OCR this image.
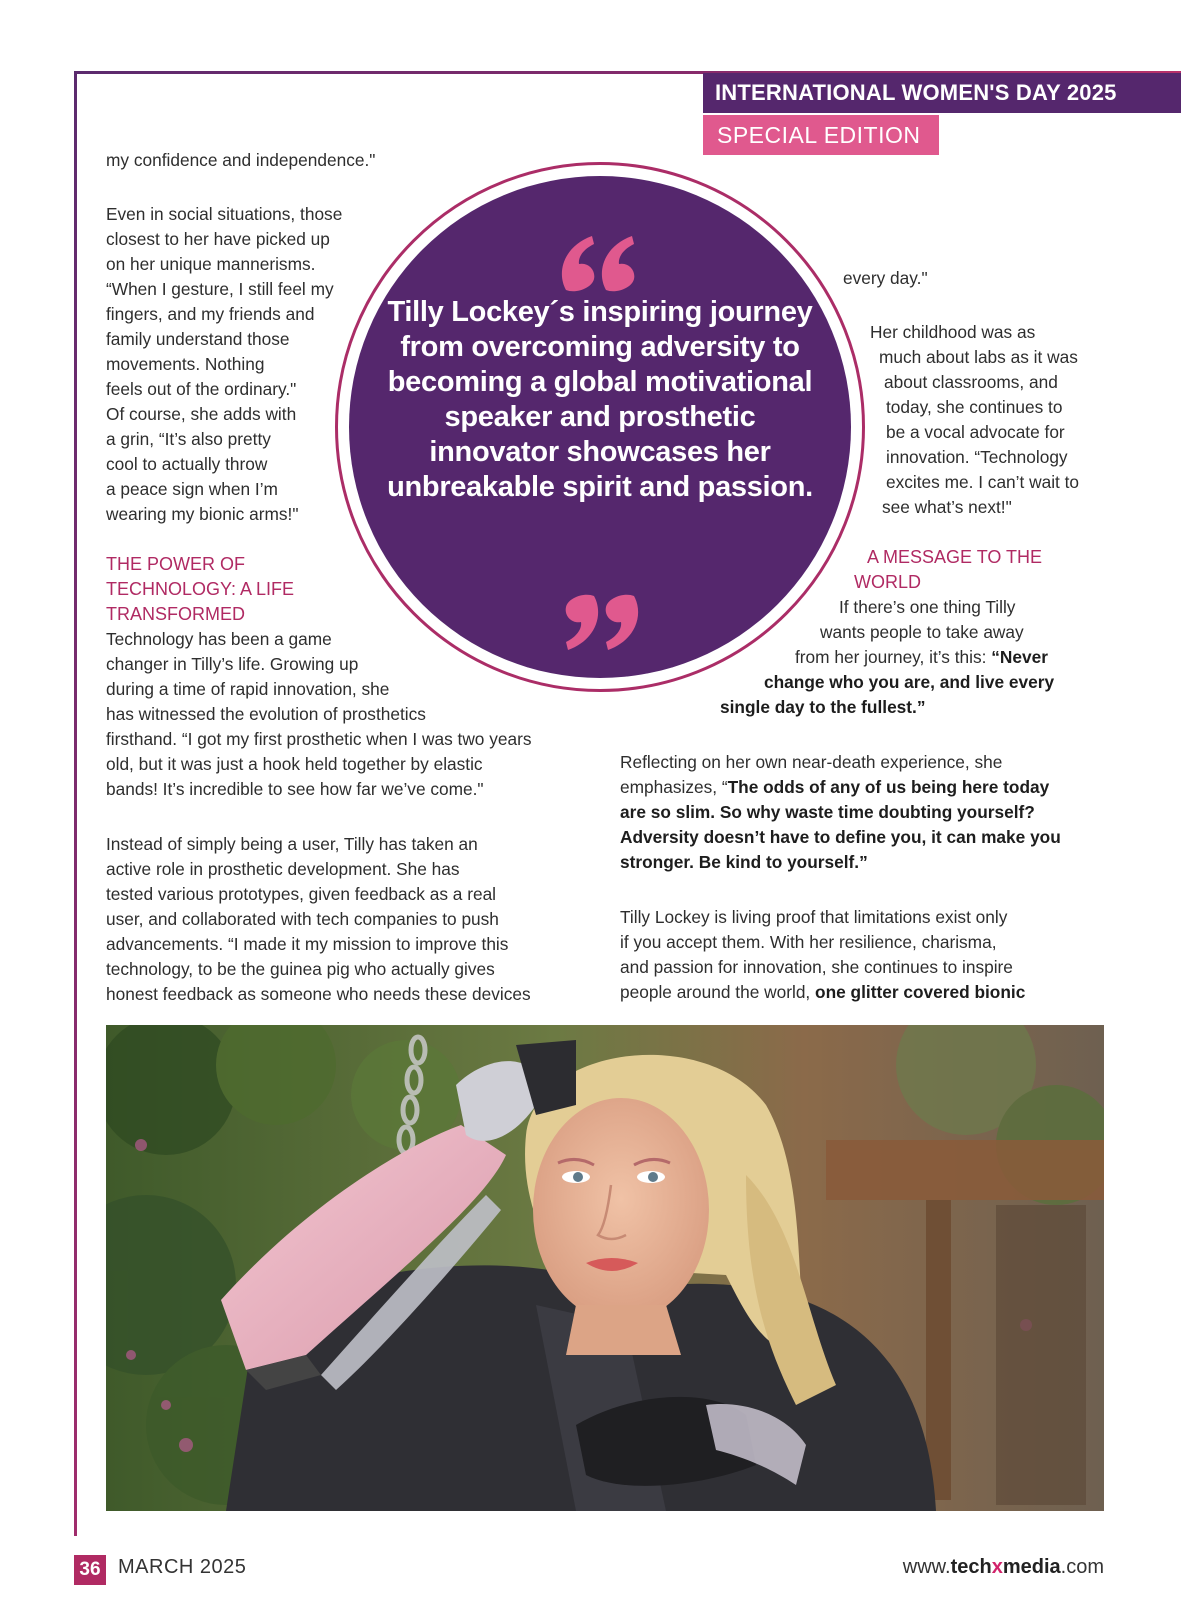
INTERNATIONAL WOMEN'S DAY 2025
SPECIAL EDITION
my confidence and independence."
Even in social situations, those
closest to her have picked up
on her unique mannerisms.
“When I gesture, I still feel my
fingers, and my friends and
family understand those
movements. Nothing
feels out of the ordinary."
Of course, she adds with
a grin, “It’s also pretty
cool to actually throw
a peace sign when I’m
wearing my bionic arms!"
THE POWER OF
TECHNOLOGY: A LIFE
TRANSFORMED
Technology has been a game
changer in Tilly’s life. Growing up
during a time of rapid innovation, she
has witnessed the evolution of prosthetics
firsthand. “I got my first prosthetic when I was two years
old, but it was just a hook held together by elastic
bands! It’s incredible to see how far we’ve come."
Instead of simply being a user, Tilly has taken an
active role in prosthetic development. She has
tested various prototypes, given feedback as a real
user, and collaborated with tech companies to push
advancements. “I made it my mission to improve this
technology, to be the guinea pig who actually gives
honest feedback as someone who needs these devices
Tilly Lockey´s inspiring journey from overcoming adversity to becoming a global motivational speaker and prosthetic innovator showcases her unbreakable spirit and passion.
every day."
Her childhood was as
much about labs as it was
about classrooms, and
today, she continues to
be a vocal advocate for
innovation. “Technology
excites me. I can’t wait to
see what’s next!"
A MESSAGE TO THE
WORLD
If there’s one thing Tilly
wants people to take away
from her journey, it’s this: “Never
change who you are, and live every
single day to the fullest.”
Reflecting on her own near-death experience, she
emphasizes, “The odds of any of us being here today
are so slim. So why waste time doubting yourself?
Adversity doesn’t have to define you, it can make you
stronger. Be kind to yourself.”
Tilly Lockey is living proof that limitations exist only
if you accept them. With her resilience, charisma,
and passion for innovation, she continues to inspire
people around the world, one glitter covered bionic
36 MARCH 2025	www.techxmedia.com
